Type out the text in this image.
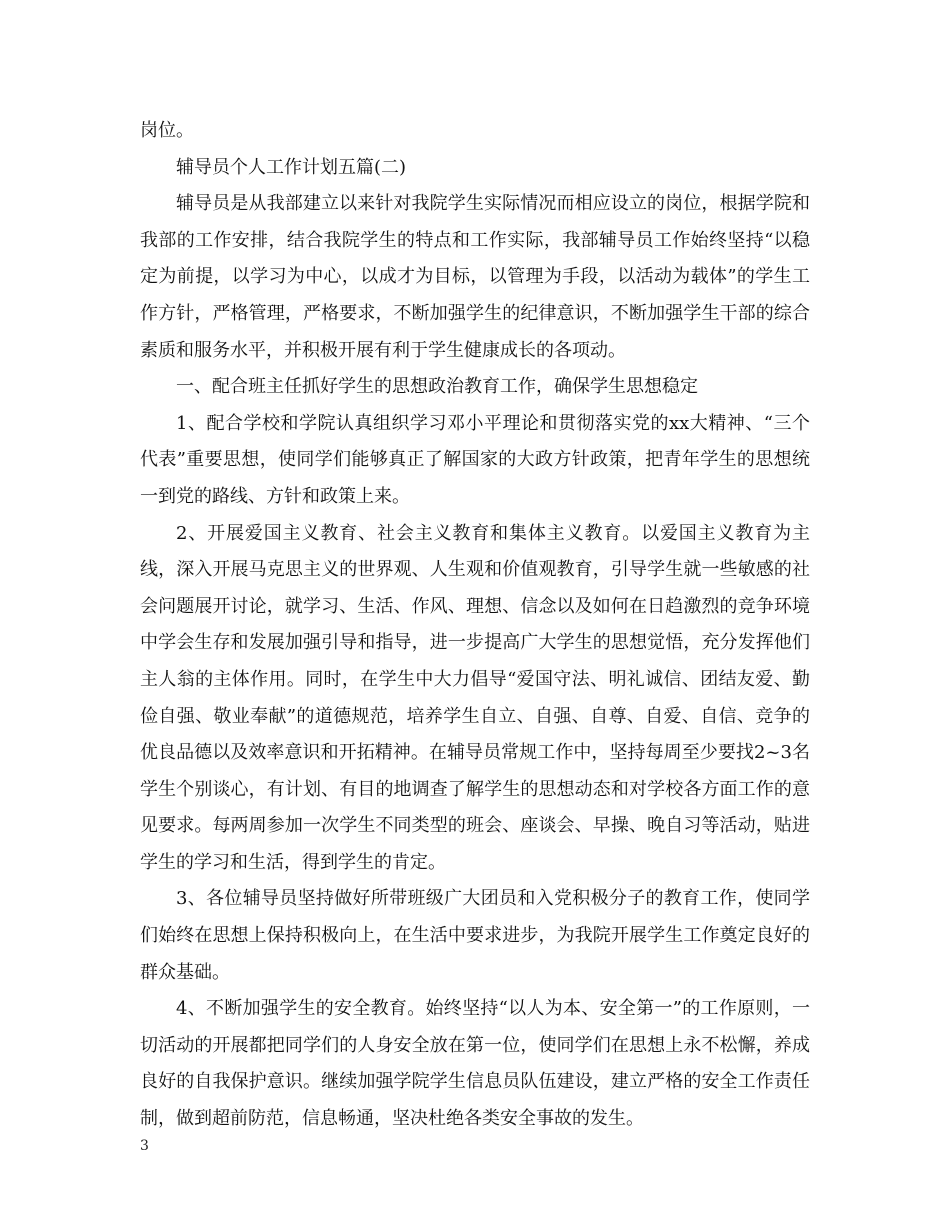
岗位。

辅导员个人工作计划五篇(二)

辅导员是从我部建立以来针对我院学生实际情况而相应设立的岗位，根据学院和我部的工作安排，结合我院学生的特点和工作实际，我部辅导员工作始终坚持“以稳定为前提，以学习为中心，以成才为目标，以管理为手段，以活动为载体”的学生工作方针，严格管理，严格要求，不断加强学生的纪律意识，不断加强学生干部的综合素质和服务水平，并积极开展有利于学生健康成长的各项动。

一、配合班主任抓好学生的思想政治教育工作，确保学生思想稳定

1、配合学校和学院认真组织学习邓小平理论和贯彻落实党的xx大精神、“三个代表”重要思想，使同学们能够真正了解国家的大政方针政策，把青年学生的思想统一到党的路线、方针和政策上来。

2、开展爱国主义教育、社会主义教育和集体主义教育。以爱国主义教育为主线，深入开展马克思主义的世界观、人生观和价值观教育，引导学生就一些敏感的社会问题展开讨论，就学习、生活、作风、理想、信念以及如何在日趋激烈的竞争环境中学会生存和发展加强引导和指导，进一步提高广大学生的思想觉悟，充分发挥他们主人翁的主体作用。同时，在学生中大力倡导“爱国守法、明礼诚信、团结友爱、勤俭自强、敬业奉献”的道德规范，培养学生自立、自强、自尊、自爱、自信、竞争的优良品德以及效率意识和开拓精神。在辅导员常规工作中，坚持每周至少要找2~3名学生个别谈心，有计划、有目的地调查了解学生的思想动态和对学校各方面工作的意见要求。每两周参加一次学生不同类型的班会、座谈会、早操、晚自习等活动，贴进学生的学习和生活，得到学生的肯定。

3、各位辅导员坚持做好所带班级广大团员和入党积极分子的教育工作，使同学们始终在思想上保持积极向上，在生活中要求进步，为我院开展学生工作奠定良好的群众基础。

4、不断加强学生的安全教育。始终坚持“以人为本、安全第一”的工作原则，一切活动的开展都把同学们的人身安全放在第一位，使同学们在思想上永不松懈，养成良好的自我保护意识。继续加强学院学生信息员队伍建设，建立严格的安全工作责任制，做到超前防范，信息畅通，坚决杜绝各类安全事故的发生。

3
